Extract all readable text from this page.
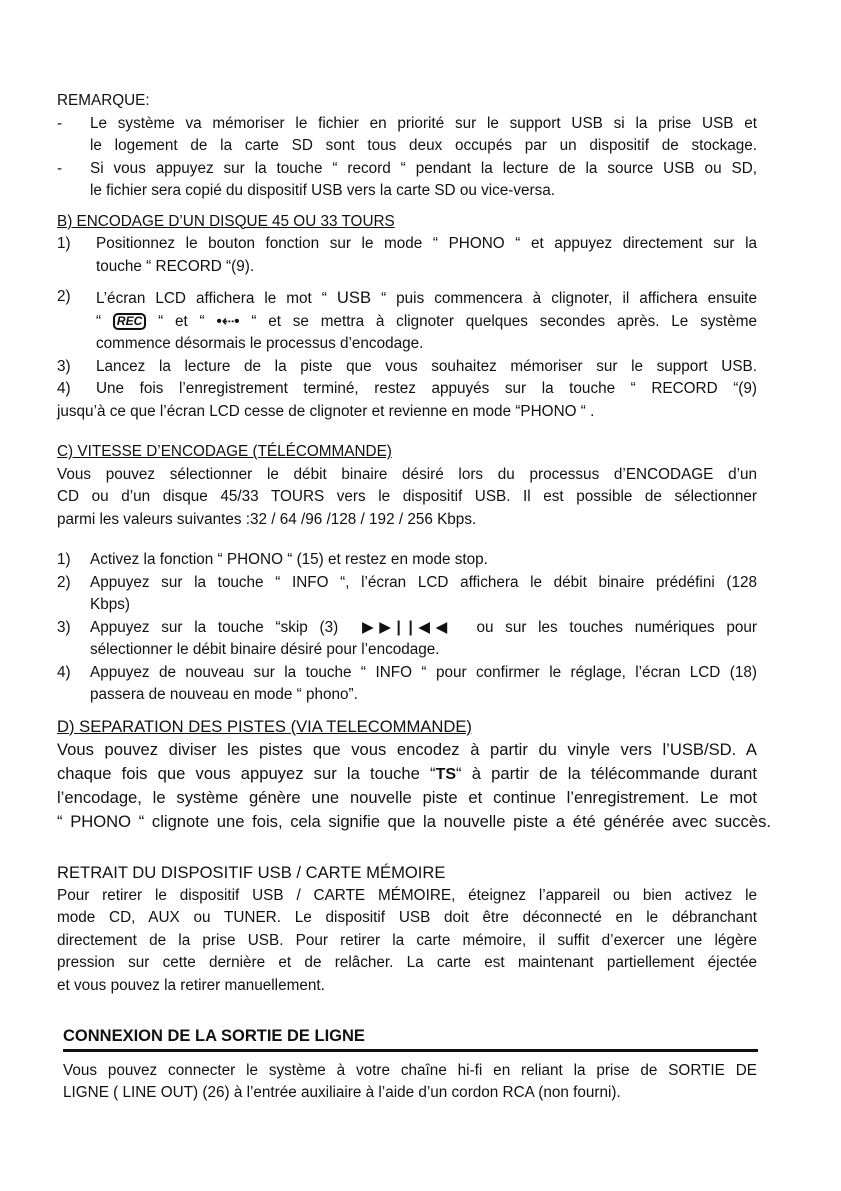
REMARQUE:

-	Le système va mémoriser le fichier en priorité sur le support USB si la prise USB et

le logement de la carte SD sont tous deux occupés par un dispositif de stockage.

-	Si vous appuyez sur la touche “ record “ pendant la lecture de la source USB ou SD,

le fichier sera copié du dispositif USB vers la carte SD ou vice-versa.

B) ENCODAGE D’UN DISQUE 45 OU 33 TOURS

1)	Positionnez le bouton fonction sur le mode “ PHONO “ et appuyez directement sur la

touche “ RECORD “(9).

2)	L’écran LCD affichera le mot “ USB “ puis commencera à clignoter, il affichera ensuite

“ REC “ et “ •⇠• “ et se mettra à clignoter quelques secondes après. Le système

commence désormais le processus d’encodage.

3)	Lancez la lecture de la piste que vous souhaitez mémoriser sur le support USB.

4)	Une fois l’enregistrement terminé, restez appuyés sur la touche “ RECORD “(9)

jusqu’à ce que l’écran LCD cesse de clignoter et revienne en mode “PHONO “ .

C) VITESSE D’ENCODAGE (TÉLÉCOMMANDE)

Vous pouvez sélectionner le débit binaire désiré lors du processus d’ENCODAGE d’un

CD ou d’un disque 45/33 TOURS vers le dispositif USB. Il est possible de sélectionner

parmi les valeurs suivantes :32 / 64 /96 /128 / 192 / 256 Kbps.

1)	Activez la fonction “ PHONO “ (15) et restez en mode stop.

2)	Appuyez sur la touche “ INFO “, l’écran LCD affichera le débit binaire prédéfini (128

Kbps)

3)	Appuyez sur la touche “skip (3) ▶▶| |◀◀ ou sur les touches numériques pour

sélectionner le débit binaire désiré pour l’encodage.

4)	Appuyez de nouveau sur la touche “ INFO “ pour confirmer le réglage, l’écran LCD (18)

passera de nouveau en mode “ phono”.

D) SEPARATION DES PISTES (VIA TELECOMMANDE)

Vous pouvez diviser les pistes que vous encodez à partir du vinyle vers l’USB/SD. A

chaque fois que vous appuyez sur la touche “TS“ à partir de la télécommande durant

l’encodage, le système génère une nouvelle piste et continue l’enregistrement. Le mot

“ PHONO “ clignote une fois, cela signifie que la nouvelle piste a été générée avec succès.

RETRAIT DU DISPOSITIF USB / CARTE MÉMOIRE

Pour retirer le dispositif USB / CARTE MÉMOIRE, éteignez l’appareil ou bien activez le

mode CD, AUX ou TUNER. Le dispositif USB doit être déconnecté en le débranchant

directement de la prise USB. Pour retirer la carte mémoire, il suffit d’exercer une légère

pression sur cette dernière et de relâcher. La carte est maintenant partiellement éjectée

et vous pouvez la retirer manuellement.

CONNEXION DE LA SORTIE DE LIGNE

Vous pouvez connecter le système à votre chaîne hi-fi en reliant la prise de SORTIE DE

LIGNE ( LINE OUT) (26) à l’entrée auxiliaire à l’aide d’un cordon RCA (non fourni).
